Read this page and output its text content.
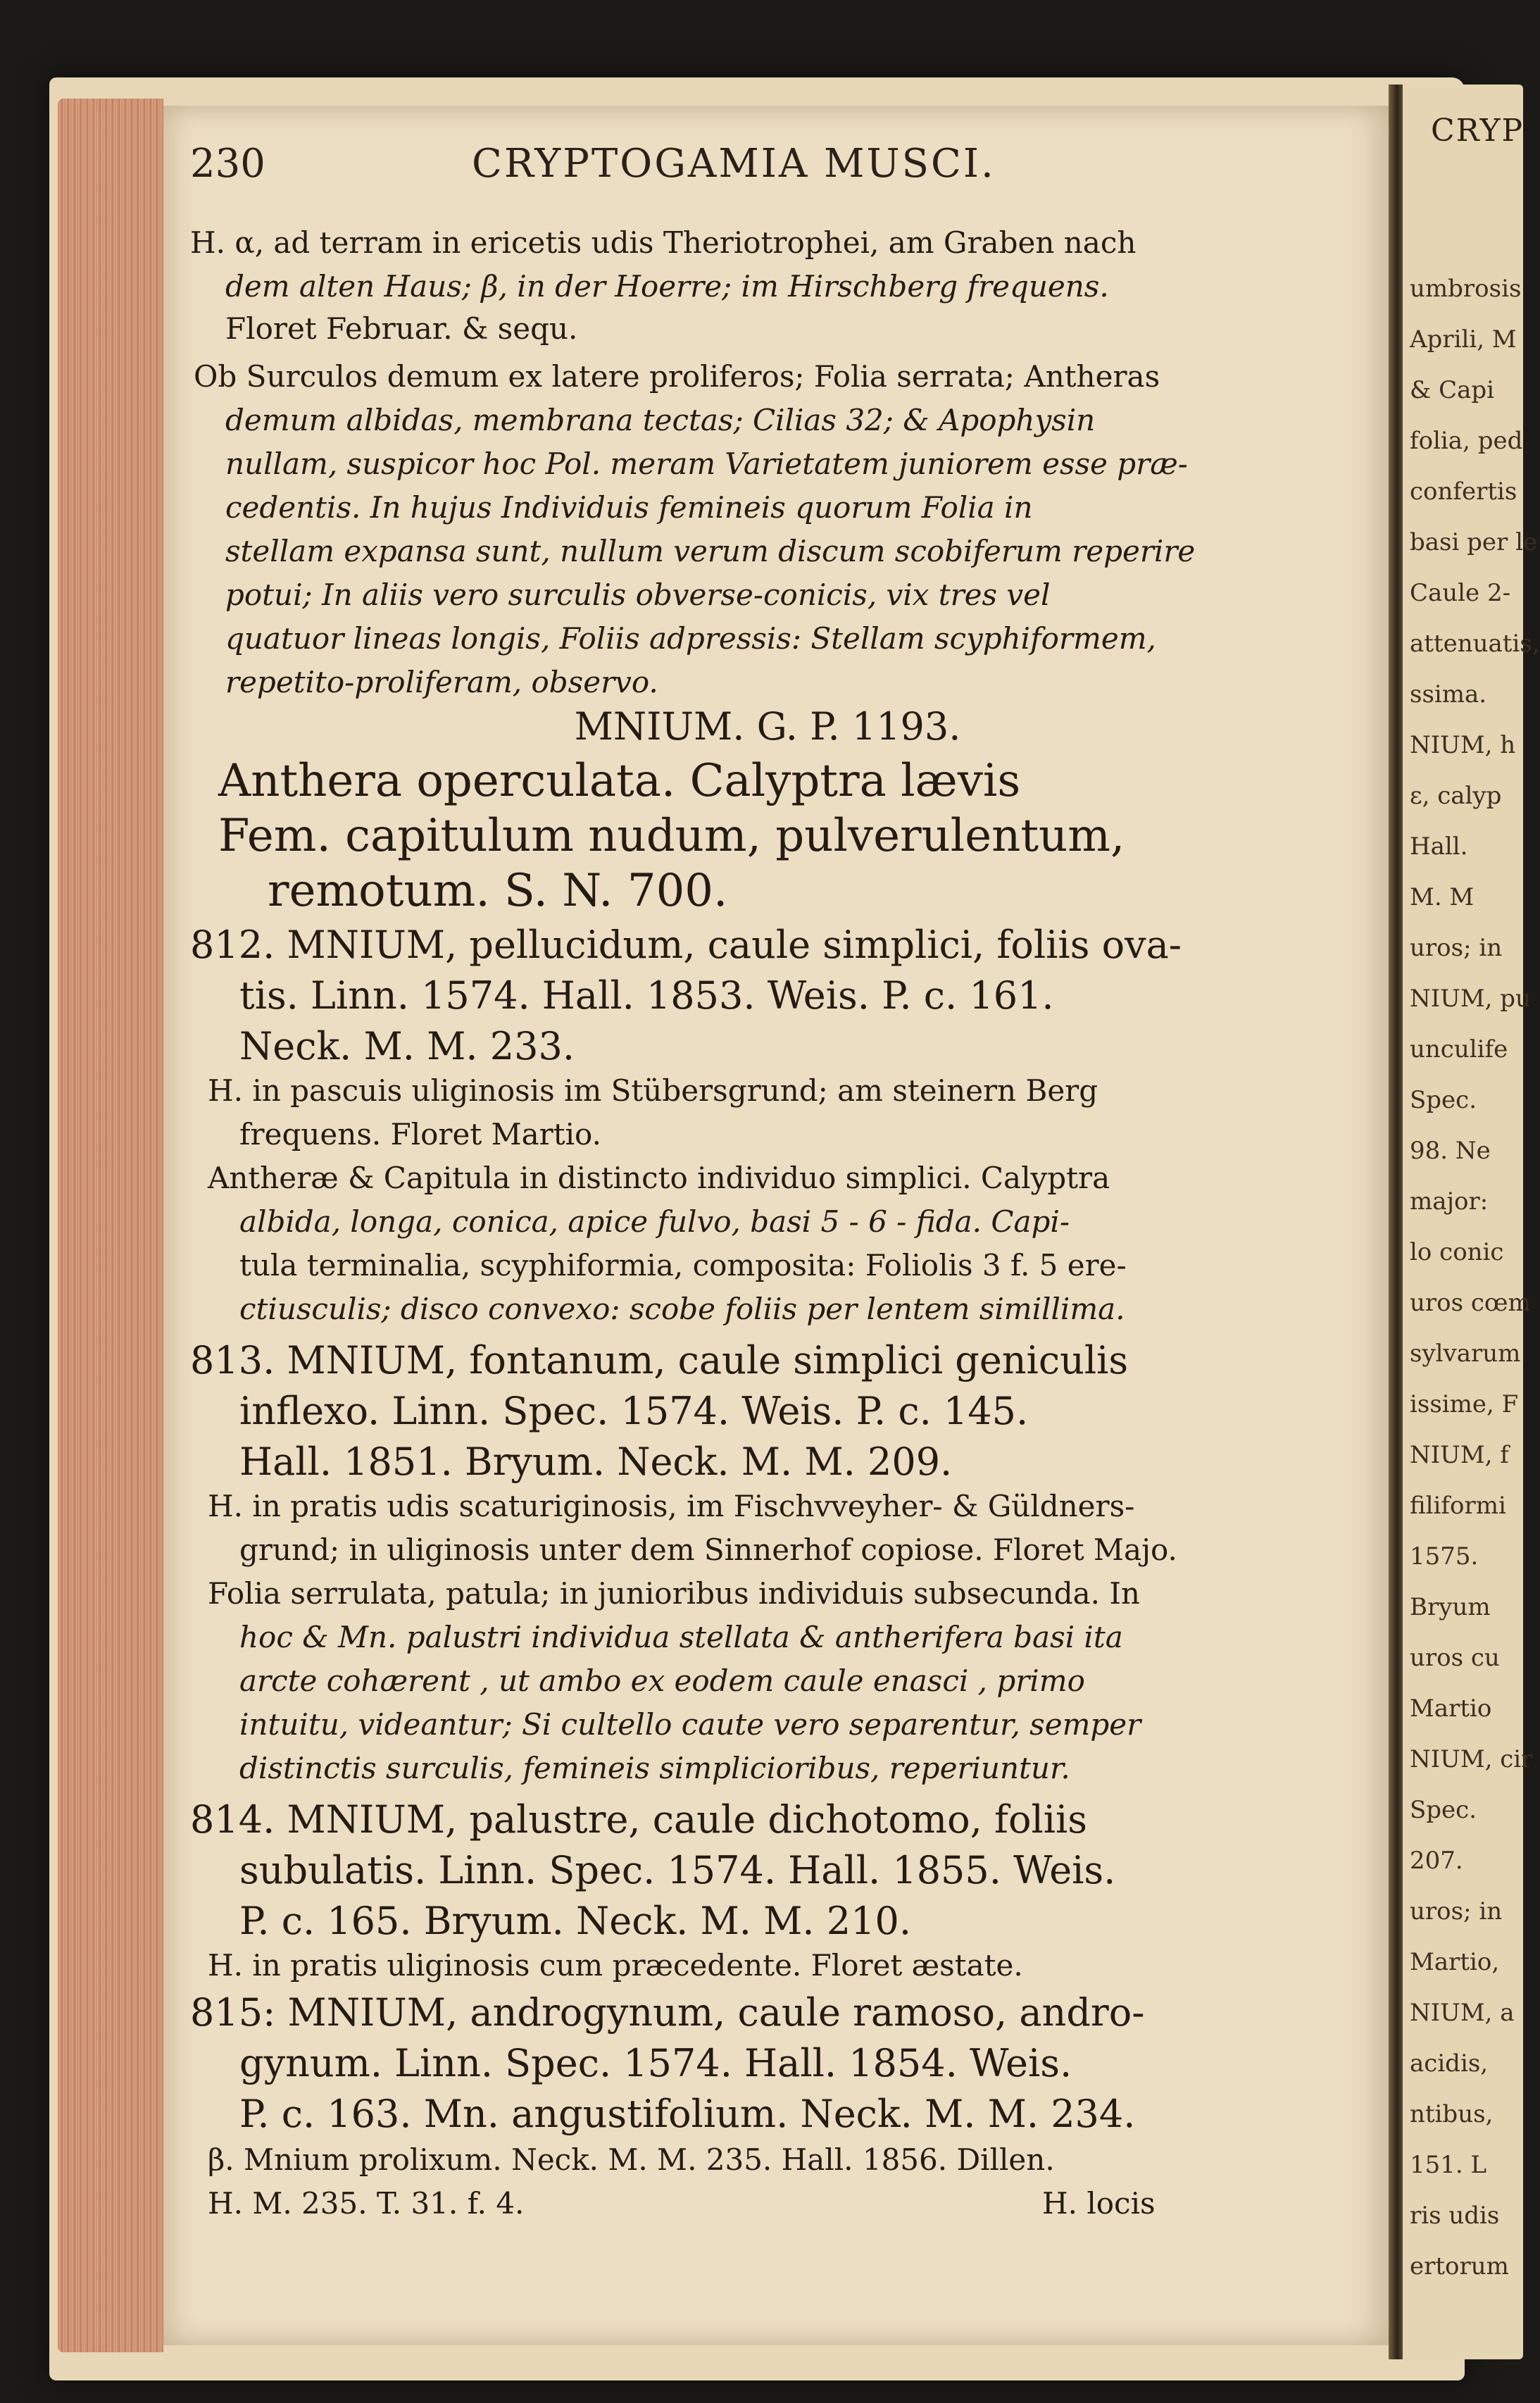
CRYP
umbrosis
Aprili, M
& Capi
folia, ped
confertis
basi per le
Caule 2-
attenuatis,
ssima.
NIUM, h
ε, calyp
Hall.
M. M
uros; in
NIUM, pu
unculife
Spec.
98. Ne
major:
lo conic
uros cœm
sylvarum
issime, F
NIUM, f
filiformi
1575.
Bryum
uros cu
Martio
NIUM, cir
Spec.
207.
uros; in
Martio,
NIUM, a
acidis,
ntibus,
151. L
ris udis
ertorum
230	CRYPTOGAMIA MUSCI.
H. α, ad terram in ericetis udis Theriotrophei, am Graben nach
dem alten Haus; β, in der Hoerre; im Hirschberg frequens.
Floret Februar. & sequ.
Ob Surculos demum ex latere proliferos; Folia serrata; Antheras
demum albidas, membrana tectas; Cilias 32; & Apophysin
nullam, suspicor hoc Pol. meram Varietatem juniorem esse præ-
cedentis. In hujus Individuis femineis quorum Folia in
stellam expansa sunt, nullum verum discum scobiferum reperire
potui; In aliis vero surculis obverse-conicis, vix tres vel
quatuor lineas longis, Foliis adpressis: Stellam scyphiformem,
repetito-proliferam, observo.
MNIUM. G. P. 1193.
Anthera operculata. Calyptra lævis
Fem. capitulum nudum, pulverulentum,
remotum. S. N. 700.
812. MNIUM, pellucidum, caule simplici, foliis ova-
tis. Linn. 1574. Hall. 1853. Weis. P. c. 161.
Neck. M. M. 233.
H. in pascuis uliginosis im Stübersgrund; am steinern Berg
frequens. Floret Martio.
Antheræ & Capitula in distincto individuo simplici. Calyptra
albida, longa, conica, apice fulvo, basi 5 - 6 - fida. Capi-
tula terminalia, scyphiformia, composita: Foliolis 3 f. 5 ere-
ctiusculis; disco convexo: scobe foliis per lentem simillima.
813. MNIUM, fontanum, caule simplici geniculis
inflexo. Linn. Spec. 1574. Weis. P. c. 145.
Hall. 1851. Bryum. Neck. M. M. 209.
H. in pratis udis scaturiginosis, im Fischvveyher- & Güldners-
grund; in uliginosis unter dem Sinnerhof copiose. Floret Majo.
Folia serrulata, patula; in junioribus individuis subsecunda. In
hoc & Mn. palustri individua stellata & antherifera basi ita
arcte cohærent , ut ambo ex eodem caule enasci , primo
intuitu, videantur; Si cultello caute vero separentur, semper
distinctis surculis, femineis simplicioribus, reperiuntur.
814. MNIUM, palustre, caule dichotomo, foliis
subulatis. Linn. Spec. 1574. Hall. 1855. Weis.
P. c. 165. Bryum. Neck. M. M. 210.
H. in pratis uliginosis cum præcedente. Floret æstate.
815: MNIUM, androgynum, caule ramoso, andro-
gynum. Linn. Spec. 1574. Hall. 1854. Weis.
P. c. 163. Mn. angustifolium. Neck. M. M. 234.
β. Mnium prolixum. Neck. M. M. 235. Hall. 1856. Dillen.
H. M. 235. T. 31. f. 4.	H. locis
